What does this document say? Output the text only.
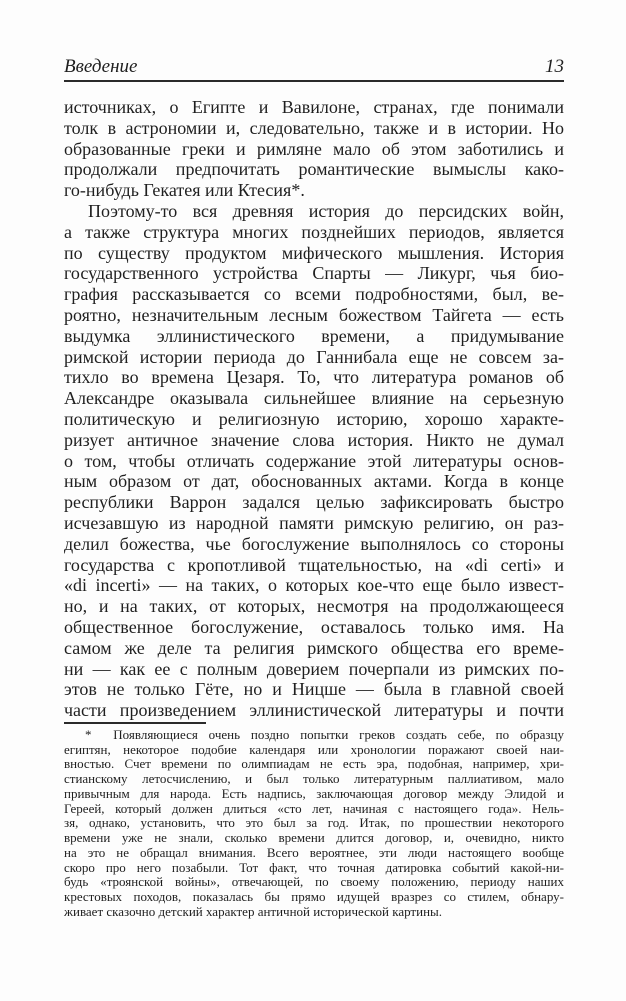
Введение	13
источниках, о Египте и Вавилоне, странах, где понимали
толк в астрономии и, следовательно, также и в истории. Но
образованные греки и римляне мало об этом заботились и
продолжали предпочитать романтические вымыслы како-
го-нибудь Гекатея или Ктесия*.
Поэтому-то вся древняя история до персидских войн,
а также структура многих позднейших периодов, является
по существу продуктом мифического мышления. История
государственного устройства Спарты — Ликург, чья био-
графия рассказывается со всеми подробностями, был, ве-
роятно, незначительным лесным божеством Тайгета — есть
выдумка эллинистического времени, а придумывание
римской истории периода до Ганнибала еще не совсем за-
тихло во времена Цезаря. То, что литература романов об
Александре оказывала сильнейшее влияние на серьезную
политическую и религиозную историю, хорошо характе-
ризует античное значение слова история. Никто не думал
о том, чтобы отличать содержание этой литературы основ-
ным образом от дат, обоснованных актами. Когда в конце
республики Варрон задался целью зафиксировать быстро
исчезавшую из народной памяти римскую религию, он раз-
делил божества, чье богослужение выполнялось со стороны
государства с кропотливой тщательностью, на «di certi» и
«di incerti» — на таких, о которых кое-что еще было извест-
но, и на таких, от которых, несмотря на продолжающееся
общественное богослужение, оставалось только имя. На
самом же деле та религия римского общества его време-
ни — как ее с полным доверием почерпали из римских по-
этов не только Гёте, но и Ницше — была в главной своей
части произведением эллинистической литературы и почти
*  Появляющиеся очень поздно попытки греков создать себе, по образцу
египтян, некоторое подобие календаря или хронологии поражают своей наи-
вностью. Счет времени по олимпиадам не есть эра, подобная, например, хри-
стианскому летосчислению, и был только литературным паллиативом, мало
привычным для народа. Есть надпись, заключающая договор между Элидой и
Гереей, который должен длиться «сто лет, начиная с настоящего года». Нель-
зя, однако, установить, что это был за год. Итак, по прошествии некоторого
времени уже не знали, сколько времени длится договор, и, очевидно, никто
на это не обращал внимания. Всего вероятнее, эти люди настоящего вообще
скоро про него позабыли. Тот факт, что точная датировка событий какой-ни-
будь «троянской войны», отвечающей, по своему положению, периоду наших
крестовых походов, показалась бы прямо идущей вразрез со стилем, обнару-
живает сказочно детский характер античной исторической картины.
